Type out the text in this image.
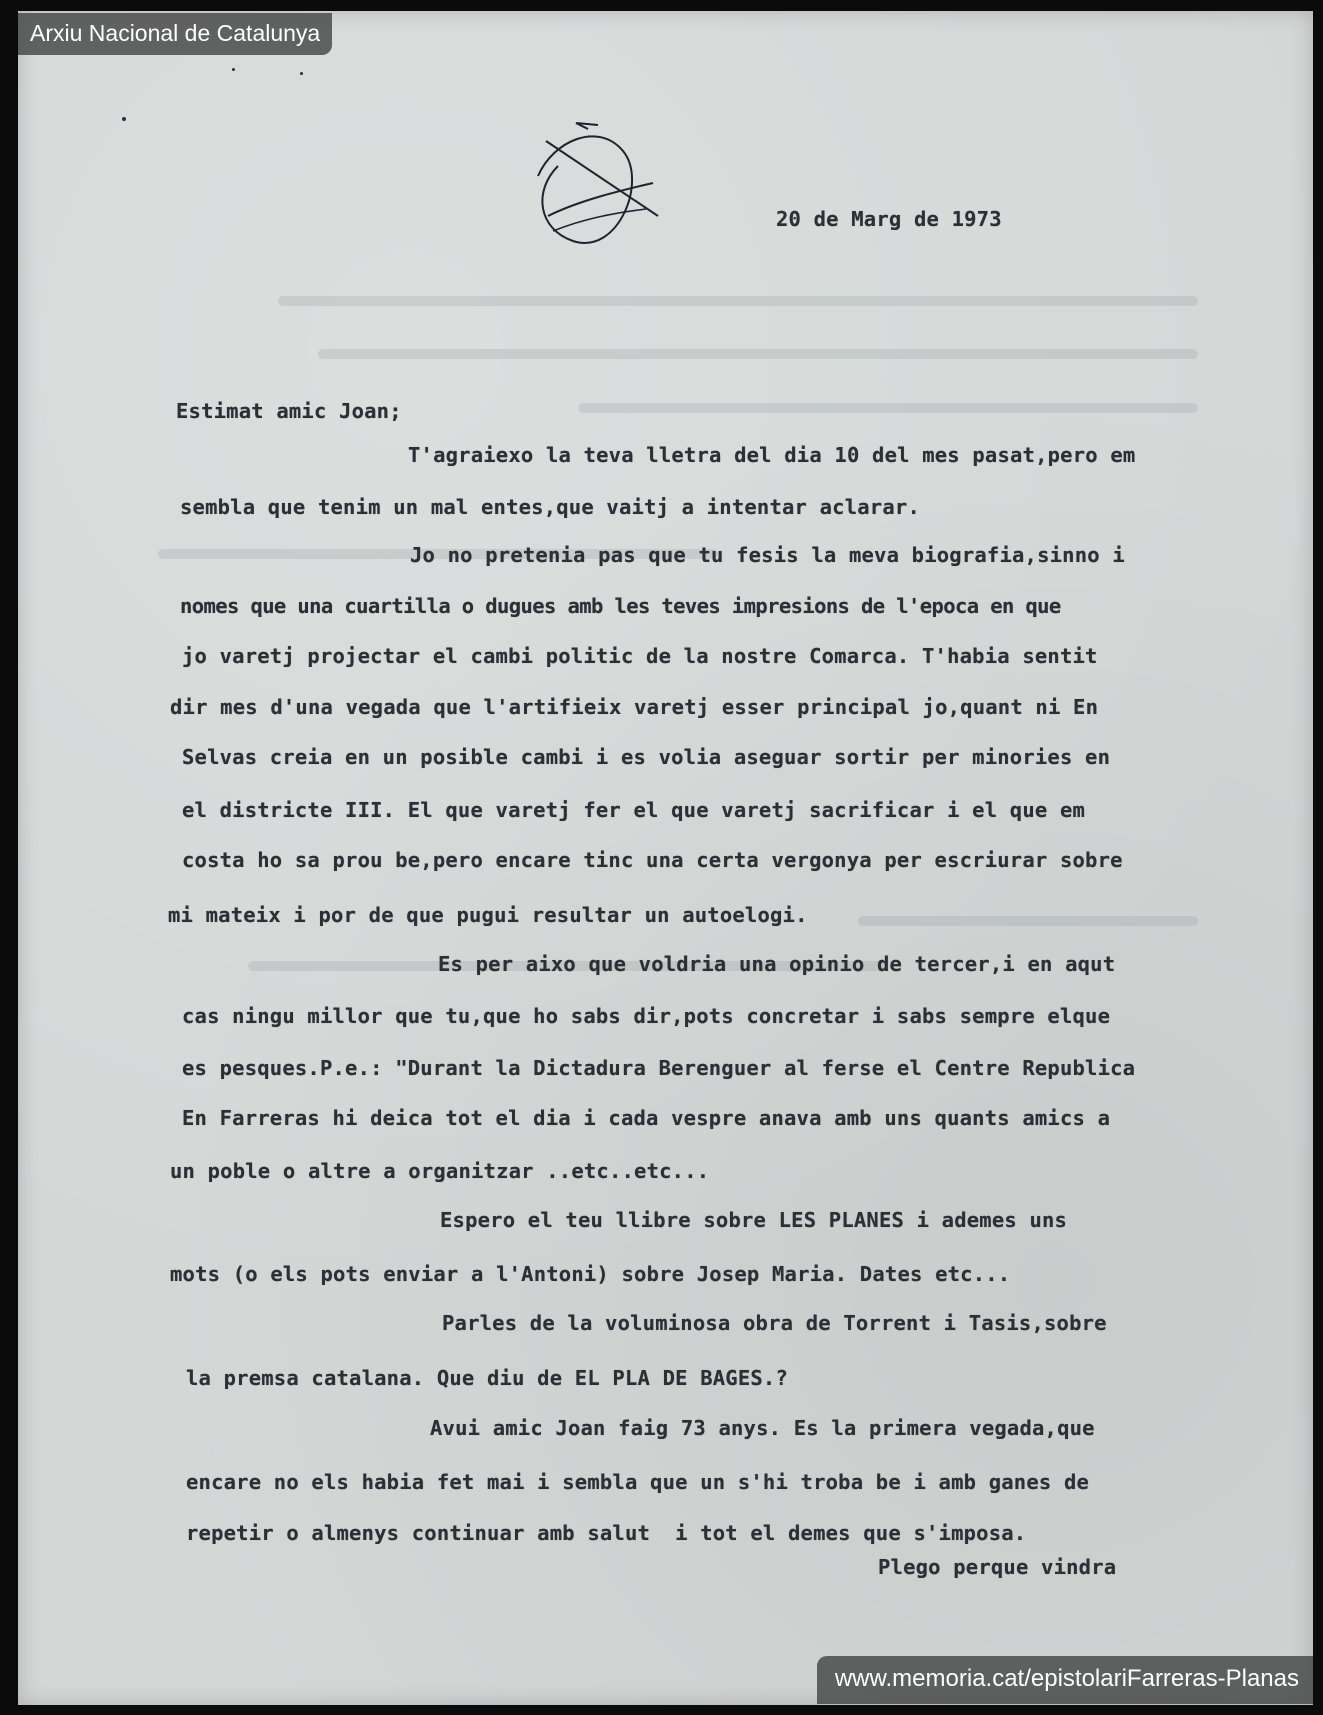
20 de Marg de 1973
Estimat amic Joan;
T'agraiexo la teva lletra del dia 10 del mes pasat,pero em
sembla que tenim un mal entes,que vaitj a intentar aclarar.
Jo no pretenia pas que tu fesis la meva biografia,sinno i
nomes que una cuartilla o dugues amb les teves impresions de l'epoca en que
jo varetj projectar el cambi politic de la nostre Comarca. T'habia sentit
dir mes d'una vegada que l'artifieix varetj esser principal jo,quant ni En
Selvas creia en un posible cambi i es volia aseguar sortir per minories en
el districte III. El que varetj fer el que varetj sacrificar i el que em
costa ho sa prou be,pero encare tinc una certa vergonya per escriurar sobre
mi mateix i por de que pugui resultar un autoelogi.
Es per aixo que voldria una opinio de tercer,i en aqut
cas ningu millor que tu,que ho sabs dir,pots concretar i sabs sempre elque
es pesques.P.e.: "Durant la Dictadura Berenguer al ferse el Centre Republica
En Farreras hi deica tot el dia i cada vespre anava amb uns quants amics a
un poble o altre a organitzar ..etc..etc...
Espero el teu llibre sobre LES PLANES i ademes uns
mots (o els pots enviar a l'Antoni) sobre Josep Maria. Dates etc...
Parles de la voluminosa obra de Torrent i Tasis,sobre
la premsa catalana. Que diu de EL PLA DE BAGES.?
Avui amic Joan faig 73 anys. Es la primera vegada,que
encare no els habia fet mai i sembla que un s'hi troba be i amb ganes de
repetir o almenys continuar amb salut  i tot el demes que s'imposa.
Plego perque vindra
Arxiu Nacional de Catalunya
www.memoria.cat/epistolariFarreras-Planas
